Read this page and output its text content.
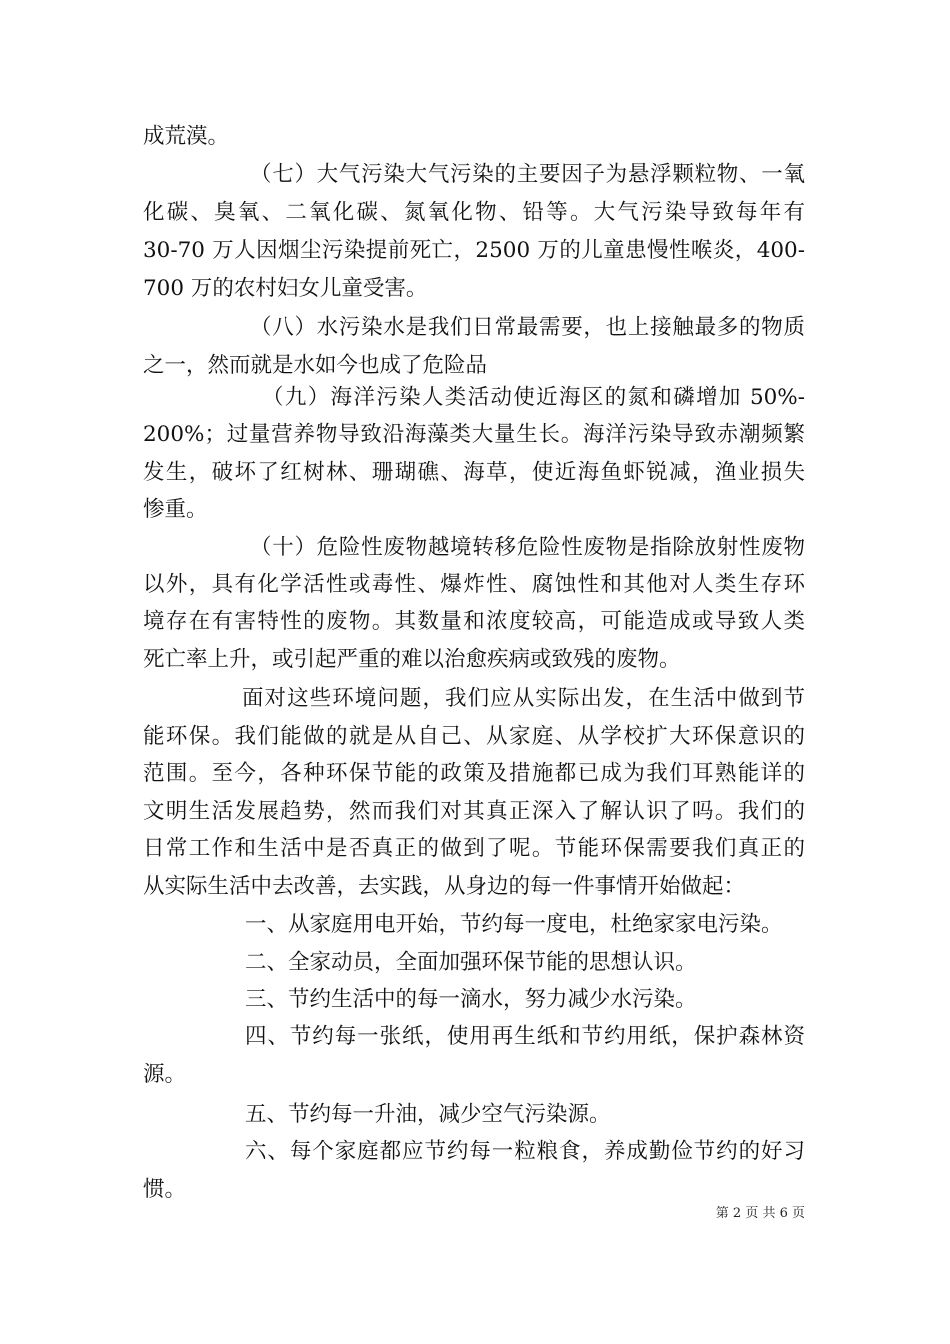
成荒漠。
（七）大气污染大气污染的主要因子为悬浮颗粒物、一氧
化碳、臭氧、二氧化碳、氮氧化物、铅等。大气污染导致每年有
30-70 万人因烟尘污染提前死亡，2500 万的儿童患慢性喉炎，400-
700 万的农村妇女儿童受害。
（八）水污染水是我们日常最需要，也上接触最多的物质
之一，然而就是水如今也成了危险品
（九）海洋污染人类活动使近海区的氮和磷增加 50%-
200%；过量营养物导致沿海藻类大量生长。海洋污染导致赤潮频繁
发生，破坏了红树林、珊瑚礁、海草，使近海鱼虾锐减，渔业损失
惨重。
（十）危险性废物越境转移危险性废物是指除放射性废物
以外，具有化学活性或毒性、爆炸性、腐蚀性和其他对人类生存环
境存在有害特性的废物。其数量和浓度较高，可能造成或导致人类
死亡率上升，或引起严重的难以治愈疾病或致残的废物。
面对这些环境问题，我们应从实际出发，在生活中做到节
能环保。我们能做的就是从自己、从家庭、从学校扩大环保意识的
范围。至今，各种环保节能的政策及措施都已成为我们耳熟能详的
文明生活发展趋势，然而我们对其真正深入了解认识了吗。我们的
日常工作和生活中是否真正的做到了呢。节能环保需要我们真正的
从实际生活中去改善，去实践，从身边的每一件事情开始做起：
一、从家庭用电开始，节约每一度电，杜绝家家电污染。
二、全家动员，全面加强环保节能的思想认识。
三、节约生活中的每一滴水，努力减少水污染。
四、节约每一张纸，使用再生纸和节约用纸，保护森林资
源。
五、节约每一升油，减少空气污染源。
六、每个家庭都应节约每一粒粮食，养成勤俭节约的好习
惯。
第 2 页 共 6 页
